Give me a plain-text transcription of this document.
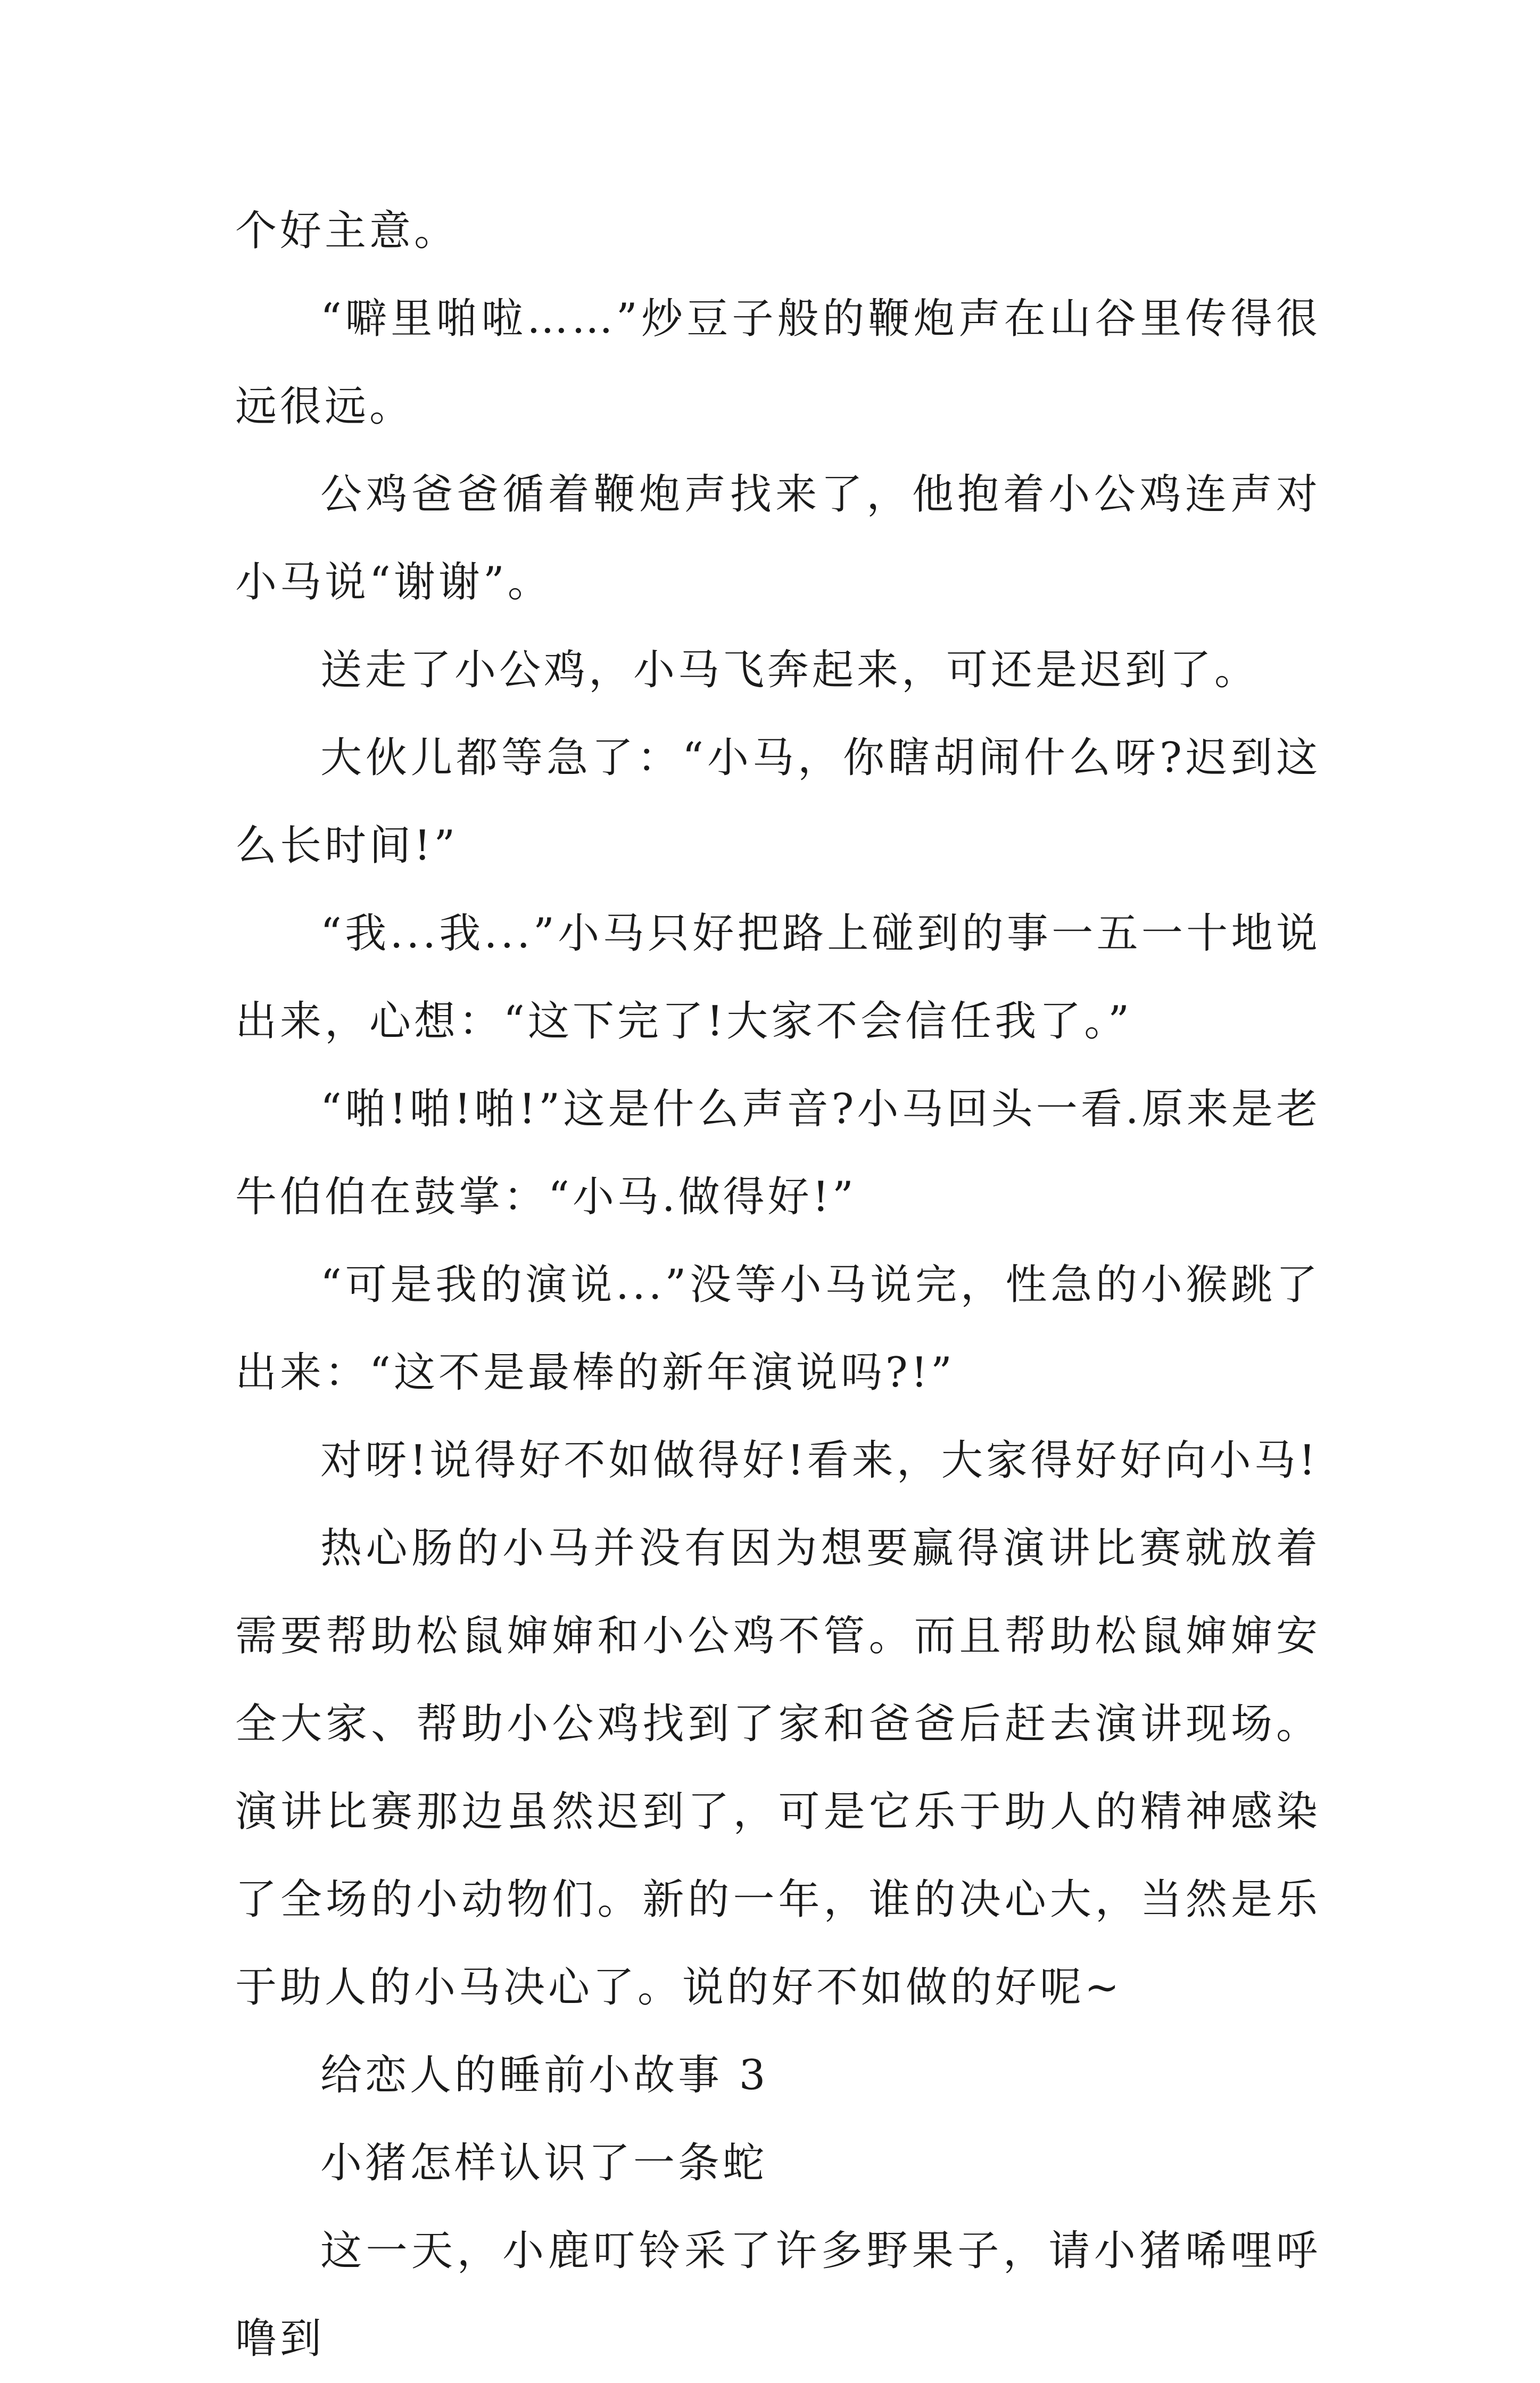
个好主意。

“噼里啪啦……”炒豆子般的鞭炮声在山谷里传得很远很远。

公鸡爸爸循着鞭炮声找来了，他抱着小公鸡连声对小马说“谢谢”。

送走了小公鸡，小马飞奔起来，可还是迟到了。

大伙儿都等急了：“小马，你瞎胡闹什么呀?迟到这么长时间!”

“我...我...”小马只好把路上碰到的事一五一十地说出来，心想：“这下完了!大家不会信任我了。”

“啪!啪!啪!”这是什么声音?小马回头一看.原来是老牛伯伯在鼓掌：“小马.做得好!”

“可是我的演说...”没等小马说完，性急的小猴跳了出来：“这不是最棒的新年演说吗?!”

对呀!说得好不如做得好!看来，大家得好好向小马!

热心肠的小马并没有因为想要赢得演讲比赛就放着需要帮助松鼠婶婶和小公鸡不管。而且帮助松鼠婶婶安全大家、帮助小公鸡找到了家和爸爸后赶去演讲现场。演讲比赛那边虽然迟到了，可是它乐于助人的精神感染了全场的小动物们。新的一年，谁的决心大，当然是乐于助人的小马决心了。说的好不如做的好呢~

给恋人的睡前小故事 3

小猪怎样认识了一条蛇

这一天，小鹿叮铃采了许多野果子，请小猪唏哩呼噜到
